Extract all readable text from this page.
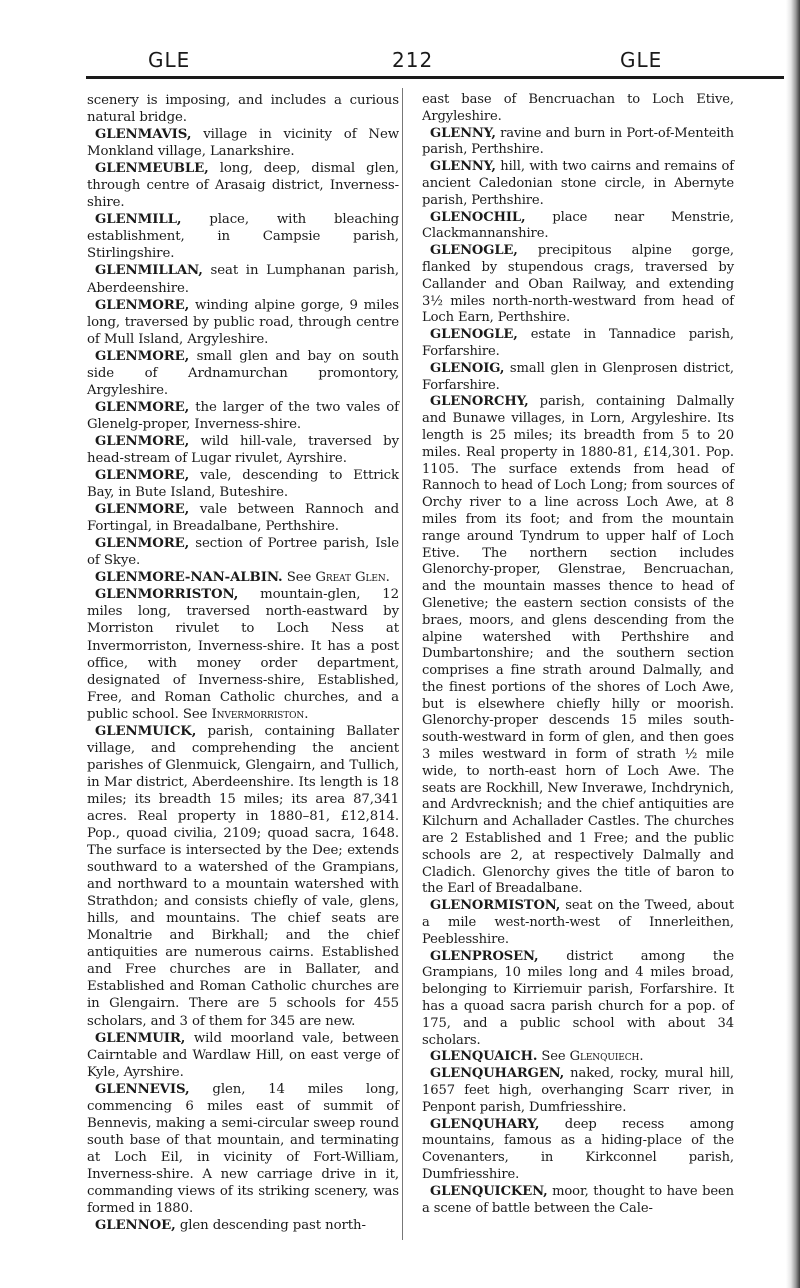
GLE	212	GLE

scenery is imposing, and includes a curious natural bridge.

GLENMAVIS, village in vicinity of New Monkland village, Lanarkshire.

GLENMEUBLE, long, deep, dismal glen, through centre of Arasaig district, Inverness-shire.

GLENMILL, place, with bleaching establishment, in Campsie parish, Stirlingshire.

GLENMILLAN, seat in Lumphanan parish, Aberdeenshire.

GLENMORE, winding alpine gorge, 9 miles long, traversed by public road, through centre of Mull Island, Argyleshire.

GLENMORE, small glen and bay on south side of Ardnamurchan promontory, Argyleshire.

GLENMORE, the larger of the two vales of Glenelg-proper, Inverness-shire.

GLENMORE, wild hill-vale, traversed by head-stream of Lugar rivulet, Ayrshire.

GLENMORE, vale, descending to Ettrick Bay, in Bute Island, Buteshire.

GLENMORE, vale between Rannoch and Fortingal, in Breadalbane, Perthshire.

GLENMORE, section of Portree parish, Isle of Skye.

GLENMORE-NAN-ALBIN. See Great Glen.

GLENMORRISTON, mountain-glen, 12 miles long, traversed north-eastward by Morriston rivulet to Loch Ness at Invermorriston, Inverness-shire. It has a post office, with money order department, designated of Inverness-shire, Established, Free, and Roman Catholic churches, and a public school. See Invermorriston.

GLENMUICK, parish, containing Ballater village, and comprehending the ancient parishes of Glenmuick, Glengairn, and Tullich, in Mar district, Aberdeenshire. Its length is 18 miles; its breadth 15 miles; its area 87,341 acres. Real property in 1880–81, £12,814. Pop., quoad civilia, 2109; quoad sacra, 1648. The surface is intersected by the Dee; extends southward to a watershed of the Grampians, and northward to a mountain watershed with Strathdon; and consists chiefly of vale, glens, hills, and mountains. The chief seats are Monaltrie and Birkhall; and the chief antiquities are numerous cairns. Established and Free churches are in Ballater, and Established and Roman Catholic churches are in Glengairn. There are 5 schools for 455 scholars, and 3 of them for 345 are new.

GLENMUIR, wild moorland vale, between Cairntable and Wardlaw Hill, on east verge of Kyle, Ayrshire.

GLENNEVIS, glen, 14 miles long, commencing 6 miles east of summit of Bennevis, making a semi-circular sweep round south base of that mountain, and terminating at Loch Eil, in vicinity of Fort-William, Inverness-shire. A new carriage drive in it, commanding views of its striking scenery, was formed in 1880.

GLENNOE, glen descending past north-

east base of Bencruachan to Loch Etive, Argyleshire.

GLENNY, ravine and burn in Port-of-Menteith parish, Perthshire.

GLENNY, hill, with two cairns and remains of ancient Caledonian stone circle, in Abernyte parish, Perthshire.

GLENOCHIL, place near Menstrie, Clackmannanshire.

GLENOGLE, precipitous alpine gorge, flanked by stupendous crags, traversed by Callander and Oban Railway, and extending 3½ miles north-north-westward from head of Loch Earn, Perthshire.

GLENOGLE, estate in Tannadice parish, Forfarshire.

GLENOIG, small glen in Glenprosen district, Forfarshire.

GLENORCHY, parish, containing Dalmally and Bunawe villages, in Lorn, Argyleshire. Its length is 25 miles; its breadth from 5 to 20 miles. Real property in 1880-81, £14,301. Pop. 1105. The surface extends from head of Rannoch to head of Loch Long; from sources of Orchy river to a line across Loch Awe, at 8 miles from its foot; and from the mountain range around Tyndrum to upper half of Loch Etive. The northern section includes Glenorchy-proper, Glenstrae, Bencruachan, and the mountain masses thence to head of Glenetive; the eastern section consists of the braes, moors, and glens descending from the alpine watershed with Perthshire and Dumbartonshire; and the southern section comprises a fine strath around Dalmally, and the finest portions of the shores of Loch Awe, but is elsewhere chiefly hilly or moorish. Glenorchy-proper descends 15 miles south-south-westward in form of glen, and then goes 3 miles westward in form of strath ½ mile wide, to north-east horn of Loch Awe. The seats are Rockhill, New Inverawe, Inchdrynich, and Ardvrecknish; and the chief antiquities are Kilchurn and Achallader Castles. The churches are 2 Established and 1 Free; and the public schools are 2, at respectively Dalmally and Cladich. Glenorchy gives the title of baron to the Earl of Breadalbane.

GLENORMISTON, seat on the Tweed, about a mile west-north-west of Innerleithen, Peeblesshire.

GLENPROSEN, district among the Grampians, 10 miles long and 4 miles broad, belonging to Kirriemuir parish, Forfarshire. It has a quoad sacra parish church for a pop. of 175, and a public school with about 34 scholars.

GLENQUAICH. See Glenquiech.

GLENQUHARGEN, naked, rocky, mural hill, 1657 feet high, overhanging Scarr river, in Penpont parish, Dumfriesshire.

GLENQUHARY, deep recess among mountains, famous as a hiding-place of the Covenanters, in Kirkconnel parish, Dumfriesshire.

GLENQUICKEN, moor, thought to have been a scene of battle between the Cale-
